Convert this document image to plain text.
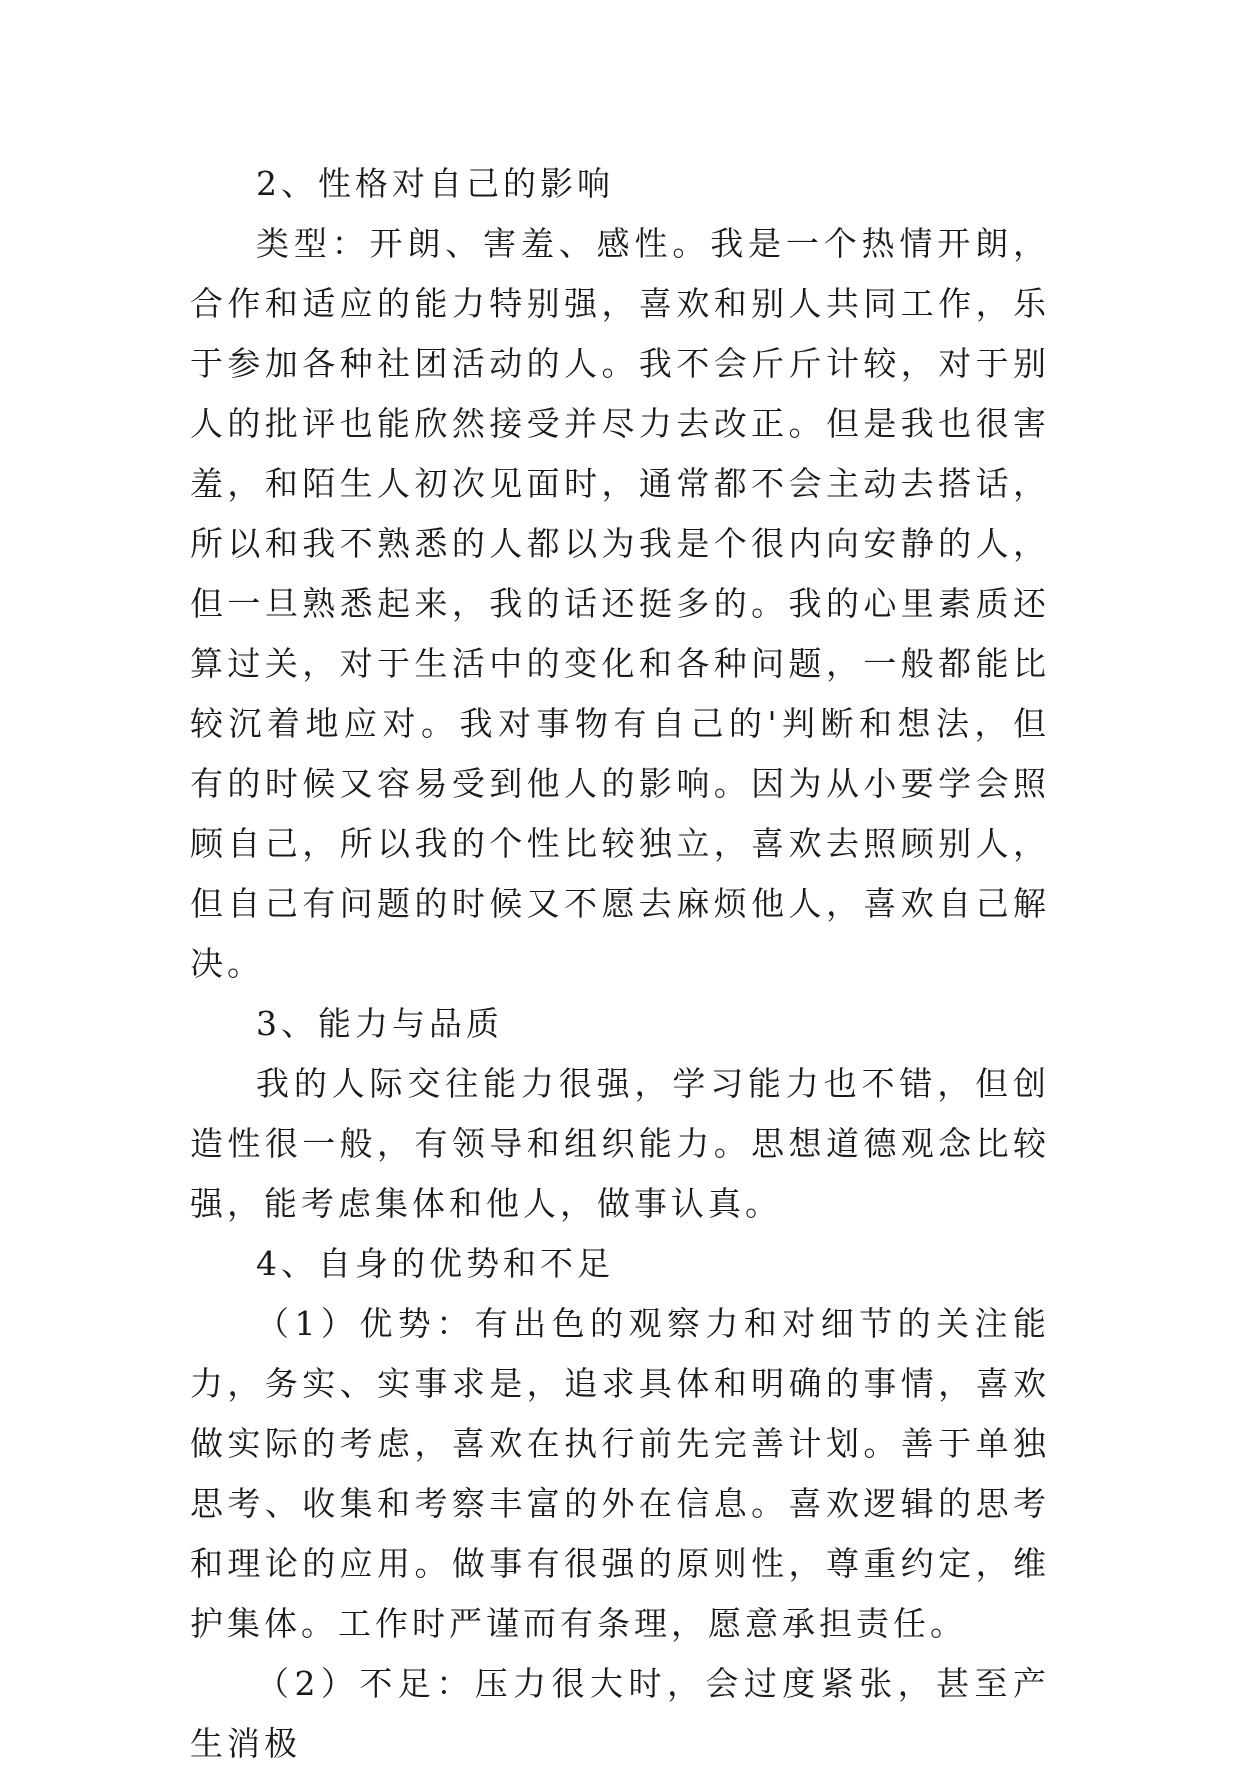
2、性格对自己的影响

类型：开朗、害羞、感性。我是一个热情开朗，合作和适应的能力特别强，喜欢和别人共同工作，乐于参加各种社团活动的人。我不会斤斤计较，对于别人的批评也能欣然接受并尽力去改正。但是我也很害羞，和陌生人初次见面时，通常都不会主动去搭话，所以和我不熟悉的人都以为我是个很内向安静的人，但一旦熟悉起来，我的话还挺多的。我的心里素质还算过关，对于生活中的变化和各种问题，一般都能比较沉着地应对。我对事物有自己的'判断和想法，但有的时候又容易受到他人的影响。因为从小要学会照顾自己，所以我的个性比较独立，喜欢去照顾别人，但自己有问题的时候又不愿去麻烦他人，喜欢自己解决。

3、能力与品质

我的人际交往能力很强，学习能力也不错，但创造性很一般，有领导和组织能力。思想道德观念比较强，能考虑集体和他人，做事认真。

4、自身的优势和不足

（1）优势：有出色的观察力和对细节的关注能力，务实、实事求是，追求具体和明确的事情，喜欢做实际的考虑，喜欢在执行前先完善计划。善于单独思考、收集和考察丰富的外在信息。喜欢逻辑的思考和理论的应用。做事有很强的原则性，尊重约定，维护集体。工作时严谨而有条理，愿意承担责任。

（2）不足：压力很大时，会过度紧张，甚至产生消极
